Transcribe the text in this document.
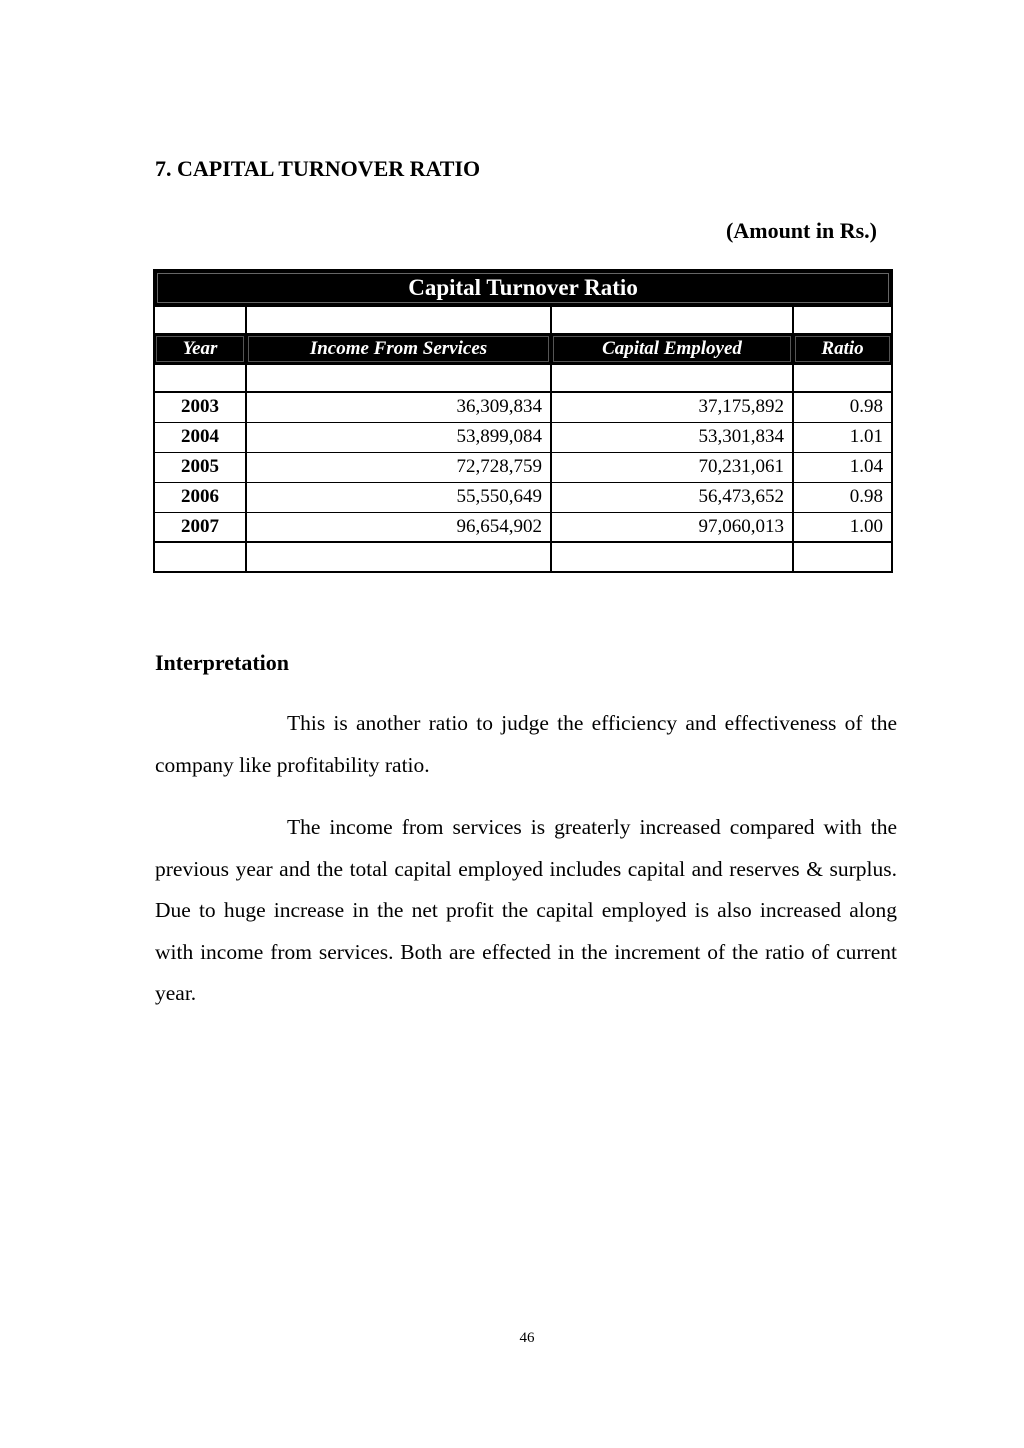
7. CAPITAL TURNOVER RATIO
(Amount in Rs.)
Capital Turnover Ratio			

Year	Income From Services	Capital Employed	Ratio

2003	36,309,834	37,175,892	0.98
2004	53,899,084	53,301,834	1.01
2005	72,728,759	70,231,061	1.04
2006	55,550,649	56,473,652	0.98
2007	96,654,902	97,060,013	1.00

Interpretation

This is another ratio to judge the efficiency and effectiveness of the company like profitability ratio.

The income from services is greaterly increased compared with the previous year and the total capital employed includes capital and reserves & surplus. Due to huge increase in the net profit the capital employed is also increased along with income from services. Both are effected in the increment of the ratio of current year.

46
